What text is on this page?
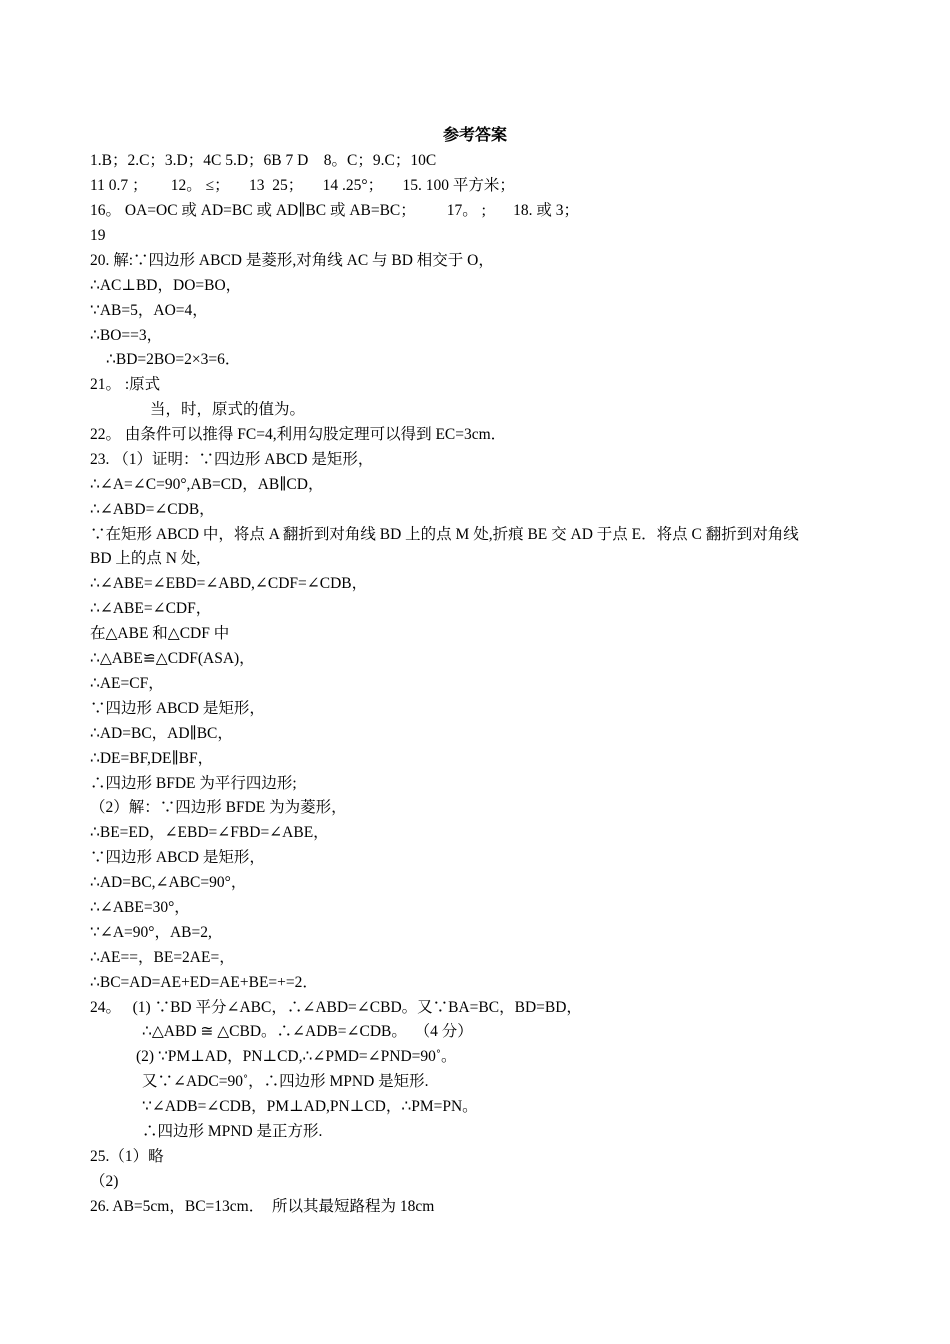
参考答案
1.B；2.C；3.D；4C 5.D；6B 7 D    8。C；9.C；10C
11 0.7 ；      12。 ≤；     13  25；     14 .25°；     15. 100 平方米；
16。 OA=OC 或 AD=BC 或 AD∥BC 或 AB=BC；        17。 ;       18. 或 3；
19
20. 解:∵四边形 ABCD 是菱形,对角线 AC 与 BD 相交于 O，
∴AC⊥BD，DO=BO，
∵AB=5，AO=4，
∴BO==3，
∴BD=2BO=2×3=6．
21。 :原式
当，时，原式的值为。
22。 由条件可以推得 FC=4,利用勾股定理可以得到 EC=3cm．
23. （1）证明：∵四边形 ABCD 是矩形，
∴∠A=∠C=90°,AB=CD，AB∥CD，
∴∠ABD=∠CDB，
∵在矩形 ABCD 中，将点 A 翻折到对角线 BD 上的点 M 处,折痕 BE 交 AD 于点 E．将点 C 翻折到对角线
BD 上的点 N 处,
∴∠ABE=∠EBD=∠ABD,∠CDF=∠CDB，
∴∠ABE=∠CDF，
在△ABE 和△CDF 中
∴△ABE≌△CDF(ASA)，
∴AE=CF，
∵四边形 ABCD 是矩形，
∴AD=BC，AD∥BC，
∴DE=BF,DE∥BF，
∴四边形 BFDE 为平行四边形;
（2）解：∵四边形 BFDE 为为菱形，
∴BE=ED，∠EBD=∠FBD=∠ABE，
∵四边形 ABCD 是矩形，
∴AD=BC,∠ABC=90°，
∴∠ABE=30°，
∵∠A=90°，AB=2,
∴AE==，BE=2AE=，
∴BC=AD=AE+ED=AE+BE=+=2．
24。   (1) ∵BD 平分∠ABC，∴∠ABD=∠CBD。又∵BA=BC，BD=BD，
∴△ABD ≅ △CBD。∴∠ADB=∠CDB。  （4 分）
(2) ∵PM⊥AD，PN⊥CD,∴∠PMD=∠PND=90˚。
又∵∠ADC=90˚，∴四边形 MPND 是矩形.
∵∠ADB=∠CDB，PM⊥AD,PN⊥CD，∴PM=PN。
∴四边形 MPND 是正方形.
25.（1）略
（2)
26. AB=5cm，BC=13cm．  所以其最短路程为 18cm
